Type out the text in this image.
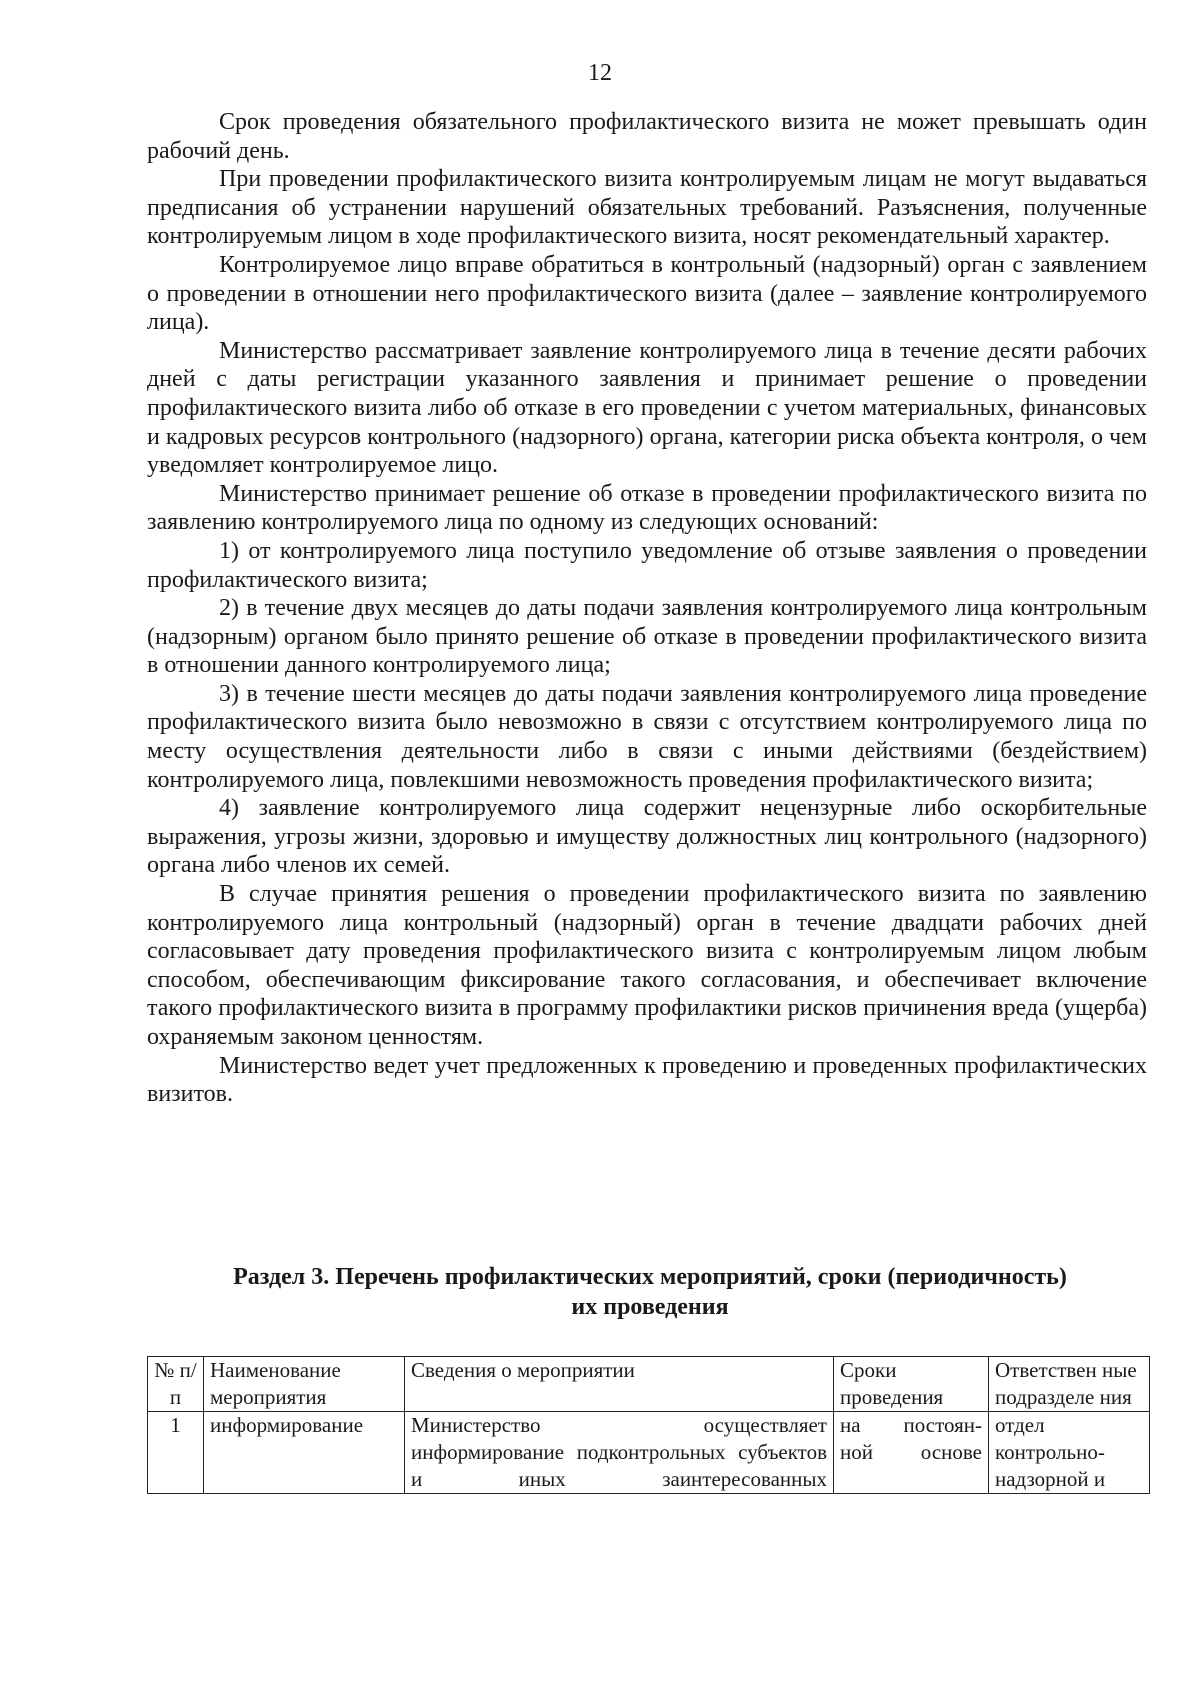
12

Срок проведения обязательного профилактического визита не может превышать один рабочий день.

При проведении профилактического визита контролируемым лицам не могут выдаваться предписания об устранении нарушений обязательных требований. Разъяснения, полученные контролируемым лицом в ходе профилактического визита, носят рекомендательный характер.

Контролируемое лицо вправе обратиться в контрольный (надзорный) орган с заявлением о проведении в отношении него профилактического визита (далее – заявление контролируемого лица).

Министерство рассматривает заявление контролируемого лица в течение десяти рабочих дней с даты регистрации указанного заявления и принимает решение о проведении профилактического визита либо об отказе в его проведении с учетом материальных, финансовых и кадровых ресурсов контрольного (надзорного) органа, категории риска объекта контроля, о чем уведомляет контролируемое лицо.

Министерство принимает решение об отказе в проведении профилактического визита по заявлению контролируемого лица по одному из следующих оснований:

1) от контролируемого лица поступило уведомление об отзыве заявления о проведении профилактического визита;

2) в течение двух месяцев до даты подачи заявления контролируемого лица контрольным (надзорным) органом было принято решение об отказе в проведении профилактического визита в отношении данного контролируемого лица;

3) в течение шести месяцев до даты подачи заявления контролируемого лица проведение профилактического визита было невозможно в связи с отсутствием контролируемого лица по месту осуществления деятельности либо в связи с иными действиями (бездействием) контролируемого лица, повлекшими невозможность проведения профилактического визита;

4) заявление контролируемого лица содержит нецензурные либо оскорбительные выражения, угрозы жизни, здоровью и имуществу должностных лиц контрольного (надзорного) органа либо членов их семей.

В случае принятия решения о проведении профилактического визита по заявлению контролируемого лица контрольный (надзорный) орган в течение двадцати рабочих дней согласовывает дату проведения профилактического визита с контролируемым лицом любым способом, обеспечивающим фиксирование такого согласования, и обеспечивает включение такого профилактического визита в программу профилактики рисков причинения вреда (ущерба) охраняемым законом ценностям.

Министерство ведет учет предложенных к проведению и проведенных профилактических визитов.

Раздел 3. Перечень профилактических мероприятий, сроки (периодичность)
их проведения
№ п/п	Наименование мероприятия	Сведения о мероприятии	Сроки проведения	Ответствен ные подразделе ния

1	информирование	Министерство осуществляет информирование подконтрольных субъектов и иных заинтересованных	на постоян- ной основе	отдел контрольно- надзорной и
